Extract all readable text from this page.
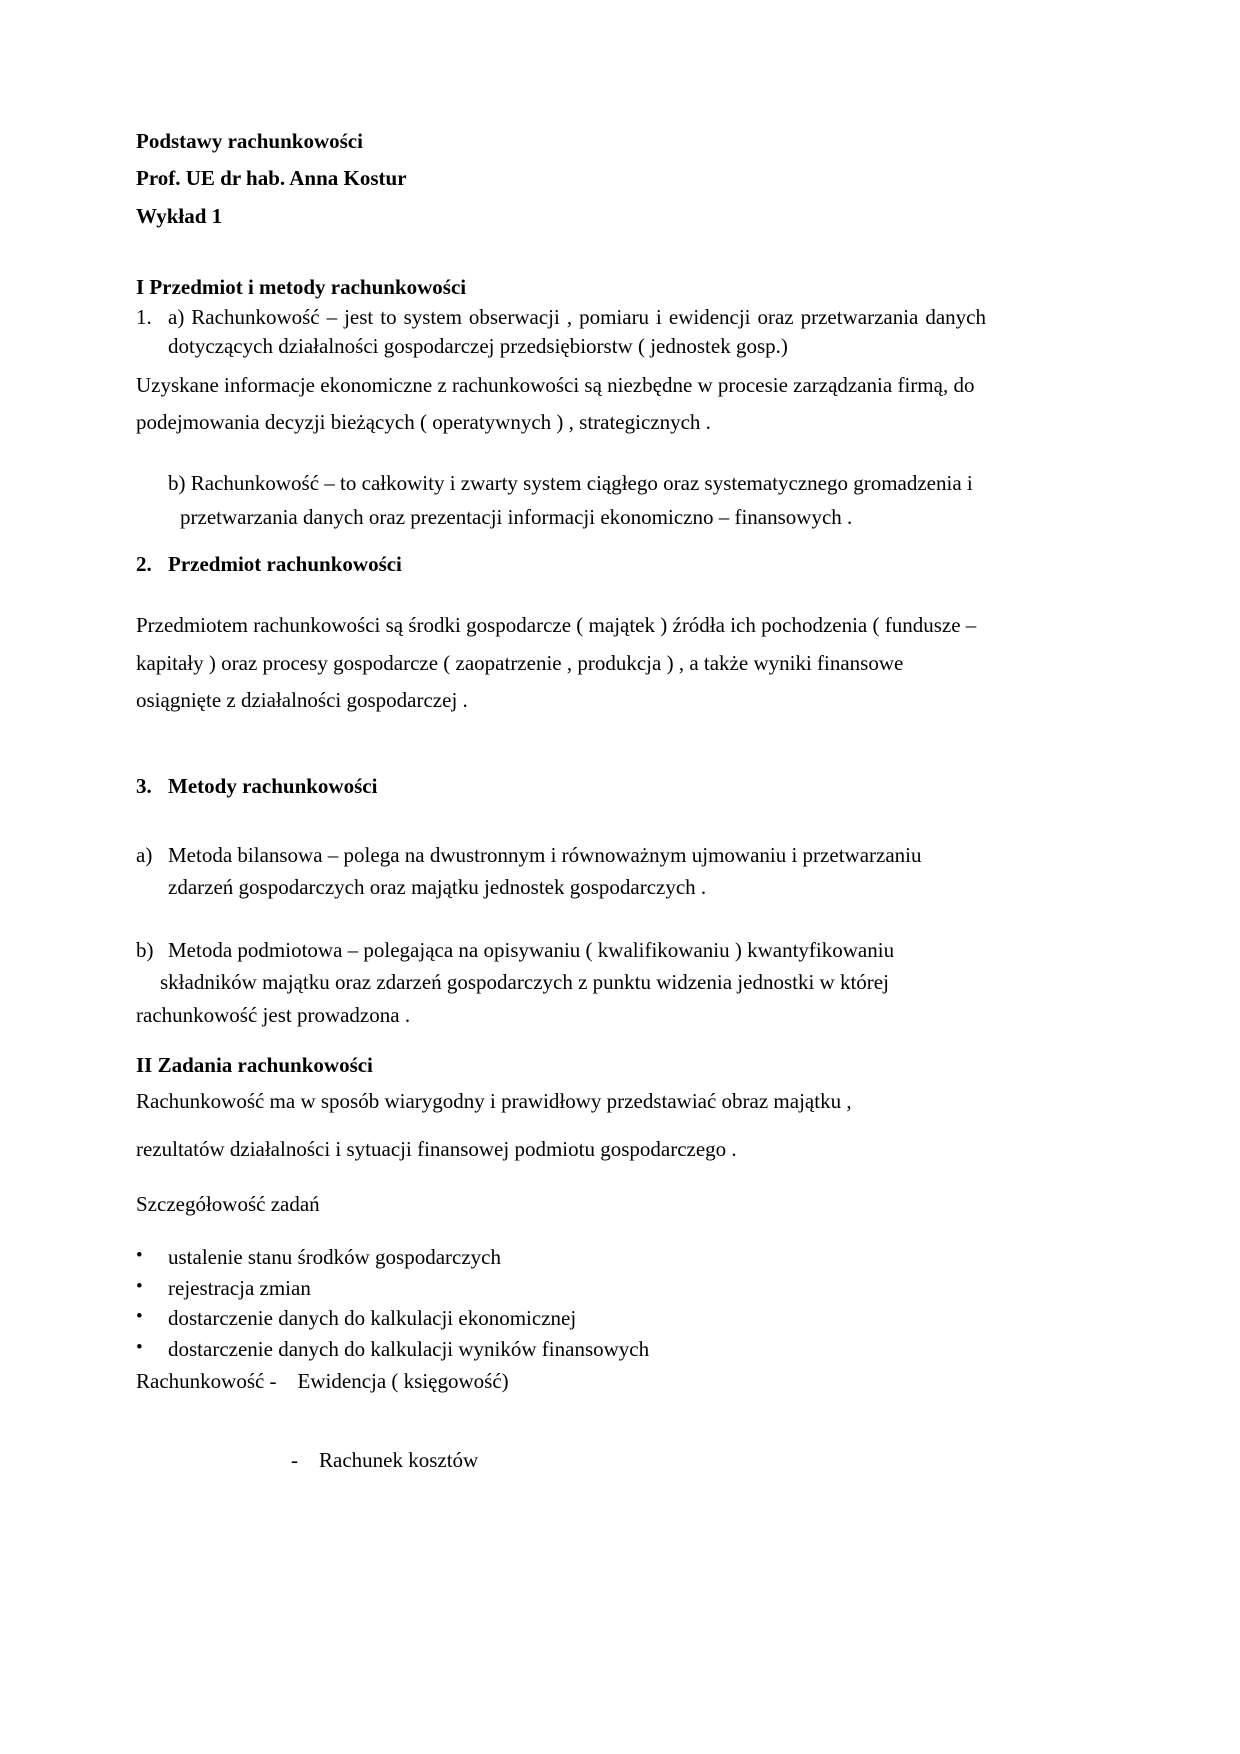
Podstawy rachunkowości

Prof. UE dr hab. Anna Kostur

Wykład 1

I Przedmiot i metody rachunkowości

1. a) Rachunkowość – jest to system obserwacji , pomiaru i ewidencji oraz przetwarzania danych dotyczących działalności gospodarczej przedsiębiorstw ( jednostek gosp.)

Uzyskane informacje ekonomiczne z rachunkowości są niezbędne w procesie zarządzania firmą, do podejmowania decyzji bieżących ( operatywnych ) , strategicznych .

b) Rachunkowość – to całkowity i zwarty system ciągłego oraz systematycznego gromadzenia i przetwarzania danych oraz prezentacji informacji ekonomiczno – finansowych .
2. Przedmiot rachunkowości

Przedmiotem rachunkowości są środki gospodarcze ( majątek ) źródła ich pochodzenia ( fundusze – kapitały ) oraz procesy gospodarcze ( zaopatrzenie , produkcja ) , a także wyniki finansowe osiągnięte z działalności gospodarczej .

3. Metody rachunkowości
a) Metoda bilansowa – polega na dwustronnym i równoważnym ujmowaniu i przetwarzaniu zdarzeń gospodarczych oraz majątku jednostek gospodarczych .
b) Metoda podmiotowa – polegająca na opisywaniu ( kwalifikowaniu ) kwantyfikowaniu

składników majątku oraz zdarzeń gospodarczych z punktu widzenia jednostki w której rachunkowość jest prowadzona .

II Zadania rachunkowości

Rachunkowość ma w sposób wiarygodny i prawidłowy przedstawiać obraz majątku ,

rezultatów działalności i sytuacji finansowej podmiotu gospodarczego .

Szczegółowość zadań

•	ustalenie stanu środków gospodarczych
•	rejestracja zmian
•	dostarczenie danych do kalkulacji ekonomicznej
•	dostarczenie danych do kalkulacji wyników finansowych

Rachunkowość -    Ewidencja ( księgowość)

-    Rachunek kosztów
